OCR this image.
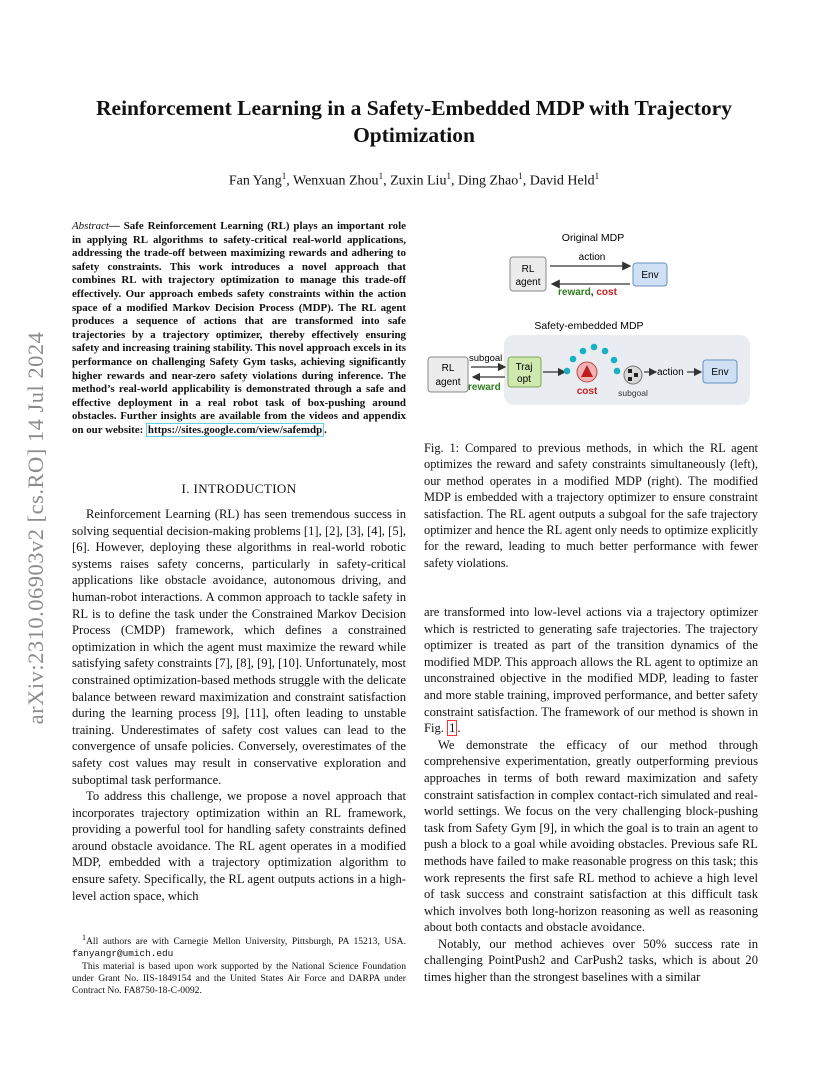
arXiv:2310.06903v2 [cs.RO] 14 Jul 2024
Reinforcement Learning in a Safety-Embedded MDP with Trajectory
Optimization
Fan Yang$^1$, Wenxuan Zhou$^1$, Zuxin Liu$^1$, Ding Zhao$^1$, David Held$^1$

Abstract— Safe Reinforcement Learning (RL) plays an important role in applying RL algorithms to safety-critical real-world applications, addressing the trade-off between maximizing rewards and adhering to safety constraints. This work introduces a novel approach that combines RL with trajectory optimization to manage this trade-off effectively. Our approach embeds safety constraints within the action space of a modified Markov Decision Process (MDP). The RL agent produces a sequence of actions that are transformed into safe trajectories by a trajectory optimizer, thereby effectively ensuring safety and increasing training stability. This novel approach excels in its performance on challenging Safety Gym tasks, achieving significantly higher rewards and near-zero safety violations during inference. The method’s real-world applicability is demonstrated through a safe and effective deployment in a real robot task of box-pushing around obstacles. Further insights are available from the videos and appendix on our website: https://sites.google.com/view/safemdp .

I. INTRODUCTION

Reinforcement Learning (RL) has seen tremendous success in solving sequential decision-making problems [1], [2], [3], [4], [5], [6]. However, deploying these algorithms in real-world robotic systems raises safety concerns, particularly in safety-critical applications like obstacle avoidance, autonomous driving, and human-robot interactions. A common approach to tackle safety in RL is to define the task under the Constrained Markov Decision Process (CMDP) framework, which defines a constrained optimization in which the agent must maximize the reward while satisfying safety constraints [7], [8], [9], [10]. Unfortunately, most constrained optimization-based methods struggle with the delicate balance between reward maximization and constraint satisfaction during the learning process [9], [11], often leading to unstable training. Underestimates of safety cost values can lead to the convergence of unsafe policies. Conversely, overestimates of the safety cost values may result in conservative exploration and suboptimal task performance.

To address this challenge, we propose a novel approach that incorporates trajectory optimization within an RL framework, providing a powerful tool for handling safety constraints defined around obstacle avoidance. The RL agent operates in a modified MDP, embedded with a trajectory optimization algorithm to ensure safety. Specifically, the RL agent outputs actions in a high-level action space, which

$^1$All authors are with Carnegie Mellon University, Pittsburgh, PA 15213, USA. fanyangr@umich.edu

This material is based upon work supported by the National Science Foundation under Grant No. IIS-1849154 and the United States Air Force and DARPA under Contract No. FA8750-18-C-0092.

Original MDP
RL
agent
action
Env
reward, cost
Safety-embedded MDP
RL
agent
subgoal
reward
Traj
opt
cost subgoal
action	Env

Fig. 1: Compared to previous methods, in which the RL agent optimizes the reward and safety constraints simultaneously (left), our method operates in a modified MDP (right). The modified MDP is embedded with a trajectory optimizer to ensure constraint satisfaction. The RL agent outputs a subgoal for the safe trajectory optimizer and hence the RL agent only needs to optimize explicitly for the reward, leading to much better performance with fewer safety violations.

are transformed into low-level actions via a trajectory optimizer which is restricted to generating safe trajectories. The trajectory optimizer is treated as part of the transition dynamics of the modified MDP. This approach allows the RL agent to optimize an unconstrained objective in the modified MDP, leading to faster and more stable training, improved performance, and better safety constraint satisfaction. The framework of our method is shown in Fig. 1 .

We demonstrate the efficacy of our method through comprehensive experimentation, greatly outperforming previous approaches in terms of both reward maximization and safety constraint satisfaction in complex contact-rich simulated and real-world settings. We focus on the very challenging block-pushing task from Safety Gym [9], in which the goal is to train an agent to push a block to a goal while avoiding obstacles. Previous safe RL methods have failed to make reasonable progress on this task; this work represents the first safe RL method to achieve a high level of task success and constraint satisfaction at this difficult task which involves both long-horizon reasoning as well as reasoning about both contacts and obstacle avoidance.

Notably, our method achieves over 50% success rate in challenging PointPush2 and CarPush2 tasks, which is about 20 times higher than the strongest baselines with a similar
